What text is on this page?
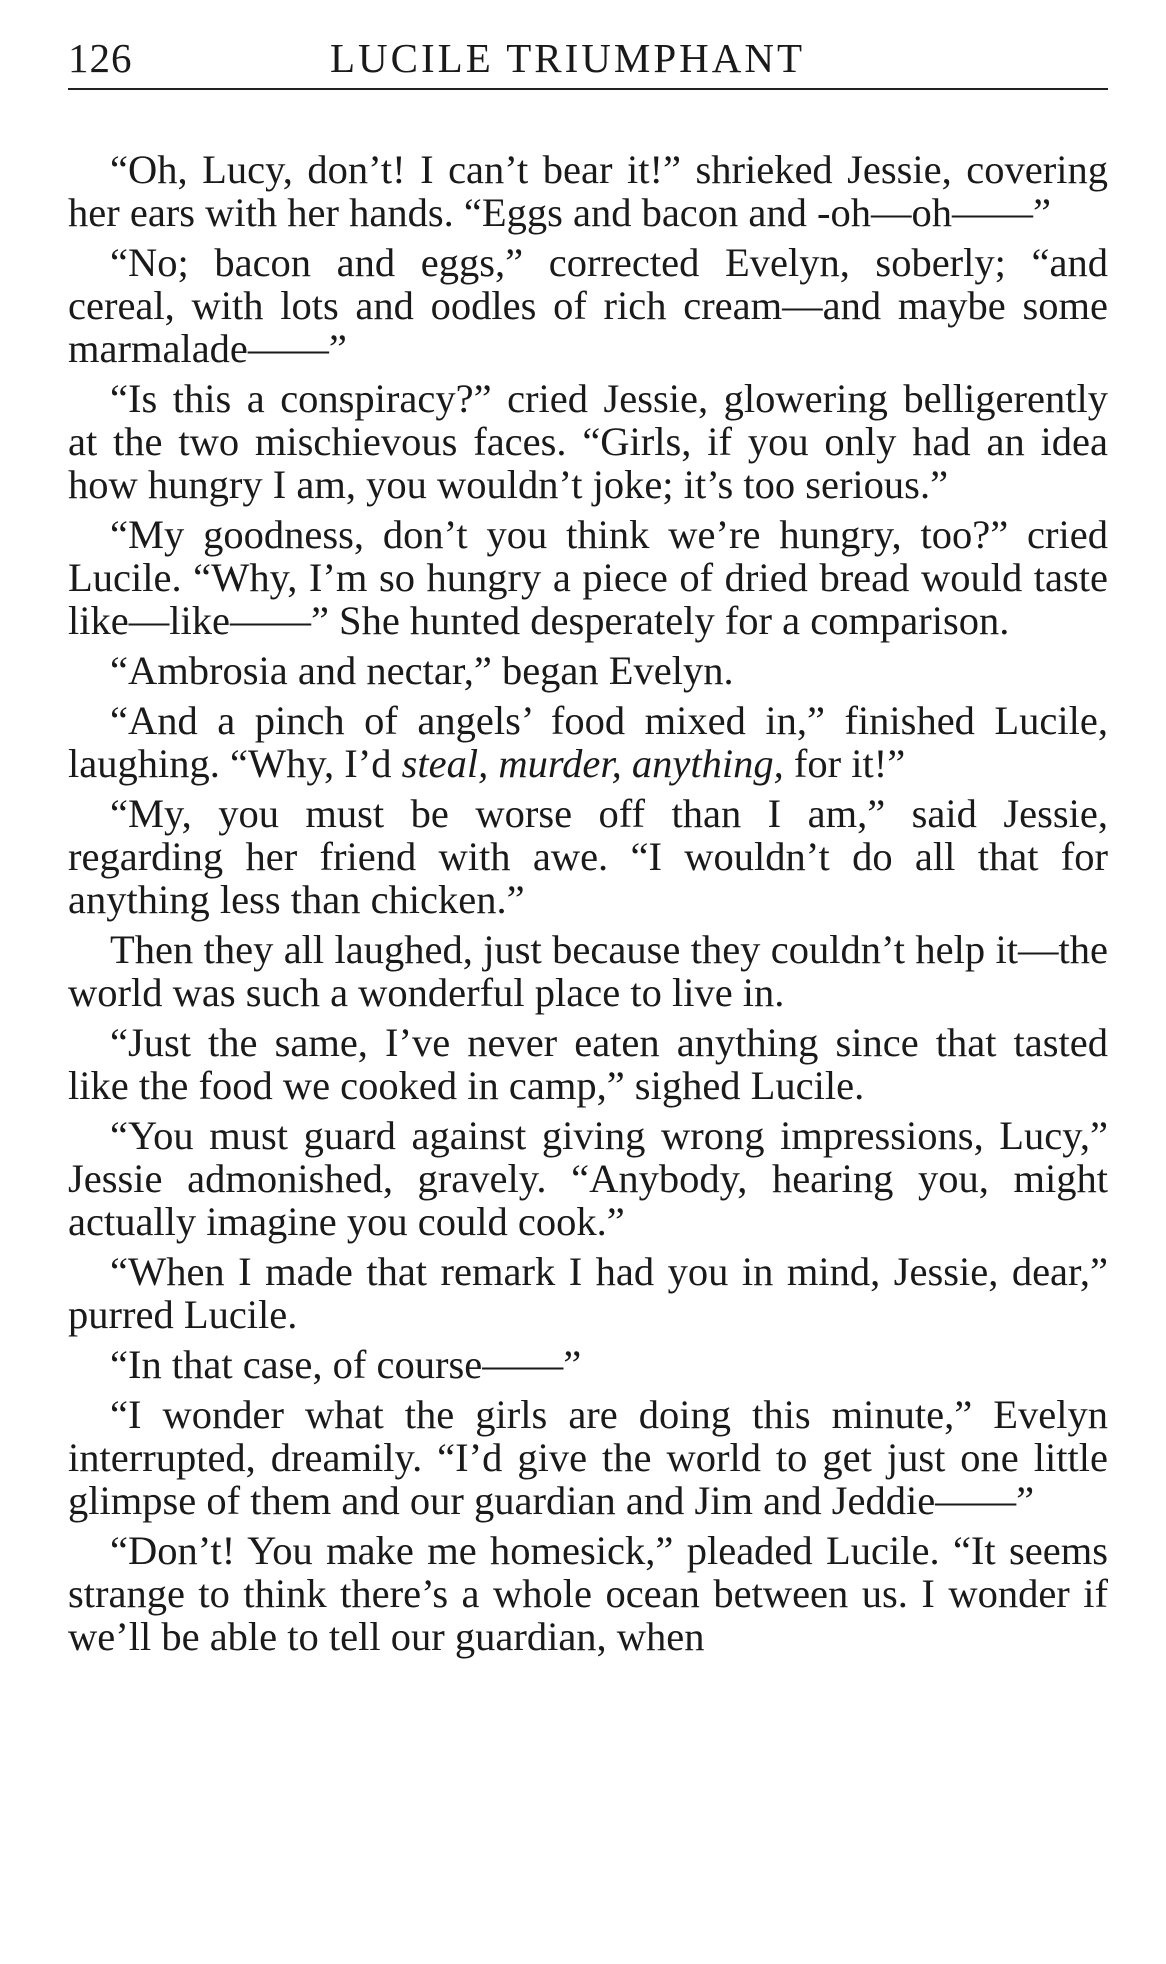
126	LUCILE TRIUMPHANT

“Oh, Lucy, don’t! I can’t bear it!” shrieked Jessie, covering her ears with her hands. “Eggs and bacon and -oh—oh——”

“No; bacon and eggs,” corrected Evelyn, soberly; “and cereal, with lots and oodles of rich cream—and maybe some marmalade——”

“Is this a conspiracy?” cried Jessie, glowering belligerently at the two mischievous faces. “Girls, if you only had an idea how hungry I am, you wouldn’t joke; it’s too serious.”

“My goodness, don’t you think we’re hungry, too?” cried Lucile. “Why, I’m so hungry a piece of dried bread would taste like—like——” She hunted desperately for a comparison.

“Ambrosia and nectar,” began Evelyn.

“And a pinch of angels’ food mixed in,” finished Lucile, laughing. “Why, I’d steal, murder, anything, for it!”

“My, you must be worse off than I am,” said Jessie, regarding her friend with awe. “I wouldn’t do all that for anything less than chicken.”

Then they all laughed, just because they couldn’t help it—the world was such a wonderful place to live in.

“Just the same, I’ve never eaten anything since that tasted like the food we cooked in camp,” sighed Lucile.

“You must guard against giving wrong impressions, Lucy,” Jessie admonished, gravely. “Anybody, hearing you, might actually imagine you could cook.”

“When I made that remark I had you in mind, Jessie, dear,” purred Lucile.

“In that case, of course——”

“I wonder what the girls are doing this minute,” Evelyn interrupted, dreamily. “I’d give the world to get just one little glimpse of them and our guardian and Jim and Jeddie——”

“Don’t! You make me homesick,” pleaded Lucile. “It seems strange to think there’s a whole ocean between us. I wonder if we’ll be able to tell our guardian, when
